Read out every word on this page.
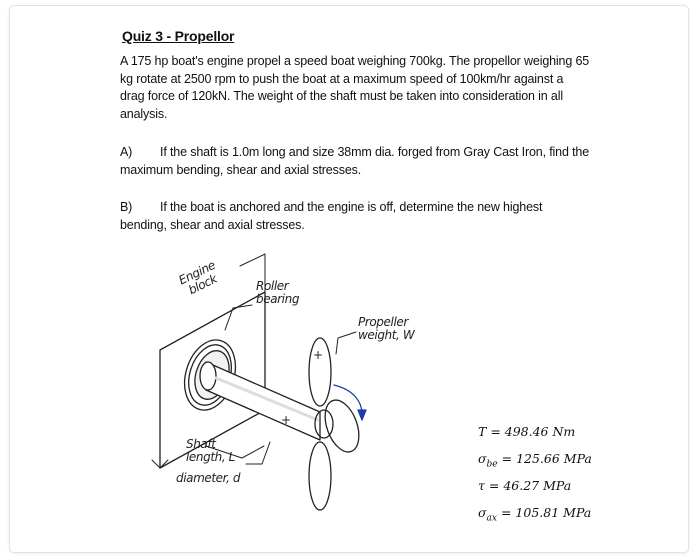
Quiz 3 - Propellor

A 175 hp boat's engine propel a speed boat weighing 700kg. The propellor weighing 65 kg rotate at 2500 rpm to push the boat at a maximum speed of 100km/hr against a drag force of 120kN. The weight of the shaft must be taken into consideration in all analysis.

A) If the shaft is 1.0m long and size 38mm dia. forged from Gray Cast Iron, find the maximum bending, shear and axial stresses.

B) If the boat is anchored and the engine is off, determine the new highest bending, shear and axial stresses.

+
+
Engine block	Roller bearing
Propeller weight, W
Shaft length, L
diameter, d
T = 498.46 Nm
$\sigma_{be} = 125.66$ MPa
τ = 46.27 MPa
$\sigma_{ax} = 105.81$ MPa
